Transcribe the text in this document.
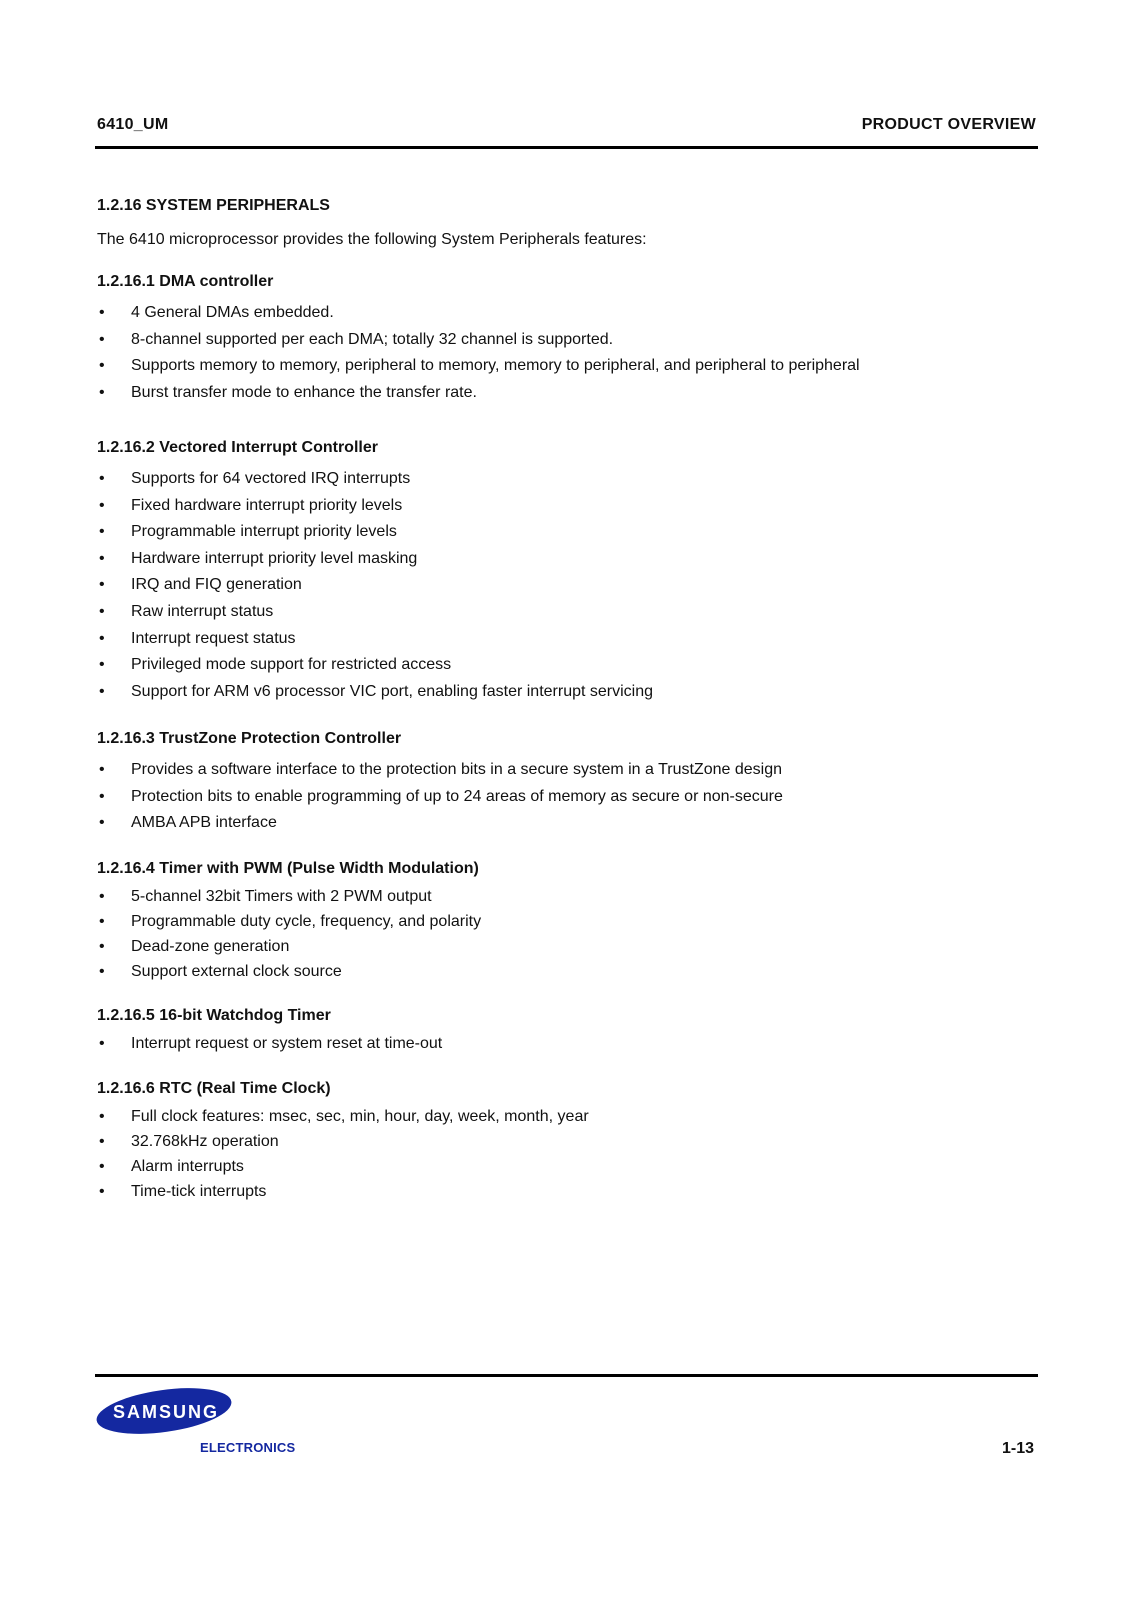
6410_UM	PRODUCT OVERVIEW
1.2.16 SYSTEM PERIPHERALS

The 6410 microprocessor provides the following System Peripherals features:

1.2.16.1 DMA controller
• 4 General DMAs embedded.
• 8-channel supported per each DMA; totally 32 channel is supported.
• Supports memory to memory, peripheral to memory, memory to peripheral, and peripheral to peripheral
• Burst transfer mode to enhance the transfer rate.
1.2.16.2 Vectored Interrupt Controller
• Supports for 64 vectored IRQ interrupts
• Fixed hardware interrupt priority levels
• Programmable interrupt priority levels
• Hardware interrupt priority level masking
• IRQ and FIQ generation
• Raw interrupt status
• Interrupt request status
• Privileged mode support for restricted access
• Support for ARM v6 processor VIC port, enabling faster interrupt servicing
1.2.16.3 TrustZone Protection Controller
• Provides a software interface to the protection bits in a secure system in a TrustZone design
• Protection bits to enable programming of up to 24 areas of memory as secure or non-secure
• AMBA APB interface
1.2.16.4 Timer with PWM (Pulse Width Modulation)
• 5-channel 32bit Timers with 2 PWM output
• Programmable duty cycle, frequency, and polarity
• Dead-zone generation
• Support external clock source
1.2.16.5 16-bit Watchdog Timer
• Interrupt request or system reset at time-out
1.2.16.6 RTC (Real Time Clock)
• Full clock features: msec, sec, min, hour, day, week, month, year
• 32.768kHz operation
• Alarm interrupts
• Time-tick interrupts
SAMSUNG
ELECTRONICS	1-13
